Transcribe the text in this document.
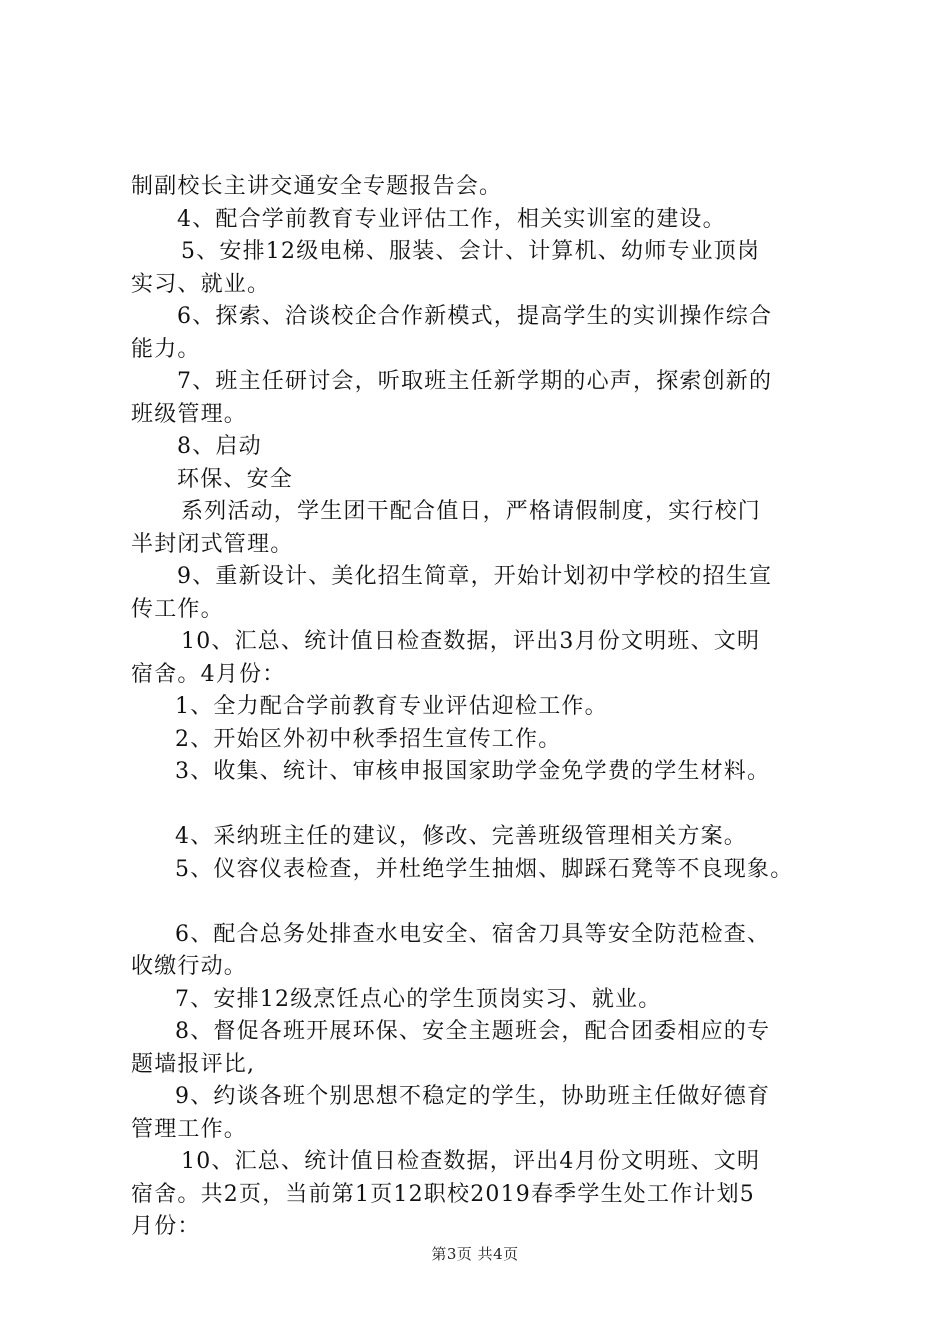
制副校长主讲交通安全专题报告会。
4、配合学前教育专业评估工作，相关实训室的建设。
5、安排12级电梯、服装、会计、计算机、幼师专业顶岗
实习、就业。
6、探索、洽谈校企合作新模式，提高学生的实训操作综合
能力。
7、班主任研讨会，听取班主任新学期的心声，探索创新的
班级管理。
8、启动
环保、安全
系列活动，学生团干配合值日，严格请假制度，实行校门
半封闭式管理。
9、重新设计、美化招生简章，开始计划初中学校的招生宣
传工作。
10、汇总、统计值日检查数据，评出3月份文明班、文明
宿舍。4月份：
1、全力配合学前教育专业评估迎检工作。
2、开始区外初中秋季招生宣传工作。
3、收集、统计、审核申报国家助学金免学费的学生材料。
4、采纳班主任的建议，修改、完善班级管理相关方案。
5、仪容仪表检查，并杜绝学生抽烟、脚踩石凳等不良现象。
6、配合总务处排查水电安全、宿舍刀具等安全防范检查、
收缴行动。
7、安排12级烹饪点心的学生顶岗实习、就业。
8、督促各班开展环保、安全主题班会，配合团委相应的专
题墙报评比,
9、约谈各班个别思想不稳定的学生，协助班主任做好德育
管理工作。
10、汇总、统计值日检查数据，评出4月份文明班、文明
宿舍。共2页，当前第1页12职校2019春季学生处工作计划5
月份：
第3页 共4页
